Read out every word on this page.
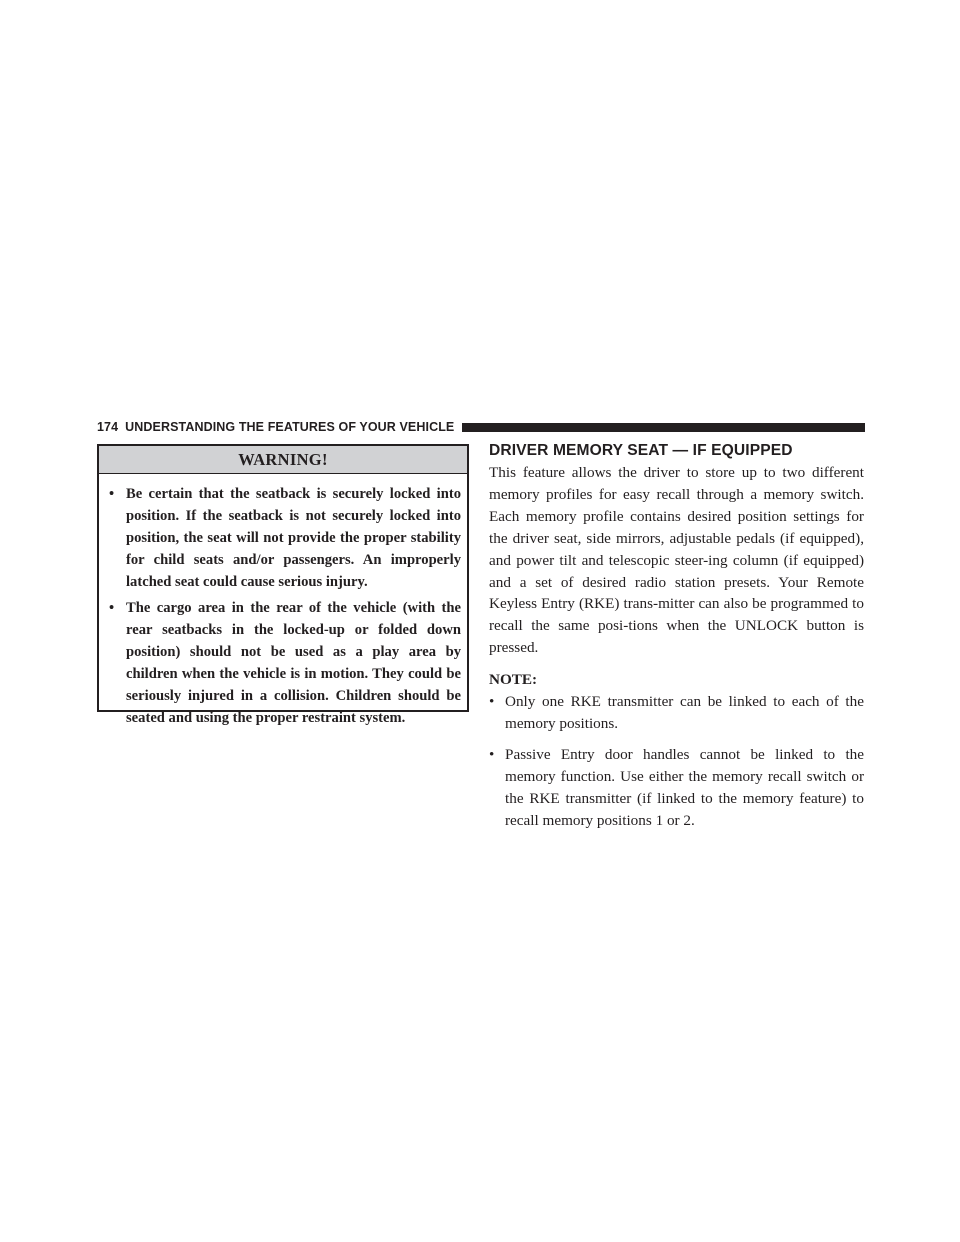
174 UNDERSTANDING THE FEATURES OF YOUR VEHICLE
WARNING!
• Be certain that the seatback is securely locked into position. If the seatback is not securely locked into position, the seat will not provide the proper stability for child seats and/or passengers. An improperly latched seat could cause serious injury.
• The cargo area in the rear of the vehicle (with the rear seatbacks in the locked-up or folded down position) should not be used as a play area by children when the vehicle is in motion. They could be seriously injured in a collision. Children should be seated and using the proper restraint system.
DRIVER MEMORY SEAT — IF EQUIPPED

This feature allows the driver to store up to two different memory profiles for easy recall through a memory switch. Each memory profile contains desired position settings for the driver seat, side mirrors, adjustable pedals (if equipped), and power tilt and telescopic steer-ing column (if equipped) and a set of desired radio station presets. Your Remote Keyless Entry (RKE) trans-mitter can also be programmed to recall the same posi-tions when the UNLOCK button is pressed.

NOTE:
• Only one RKE transmitter can be linked to each of the memory positions.
• Passive Entry door handles cannot be linked to the memory function. Use either the memory recall switch or the RKE transmitter (if linked to the memory feature) to recall memory positions 1 or 2.
